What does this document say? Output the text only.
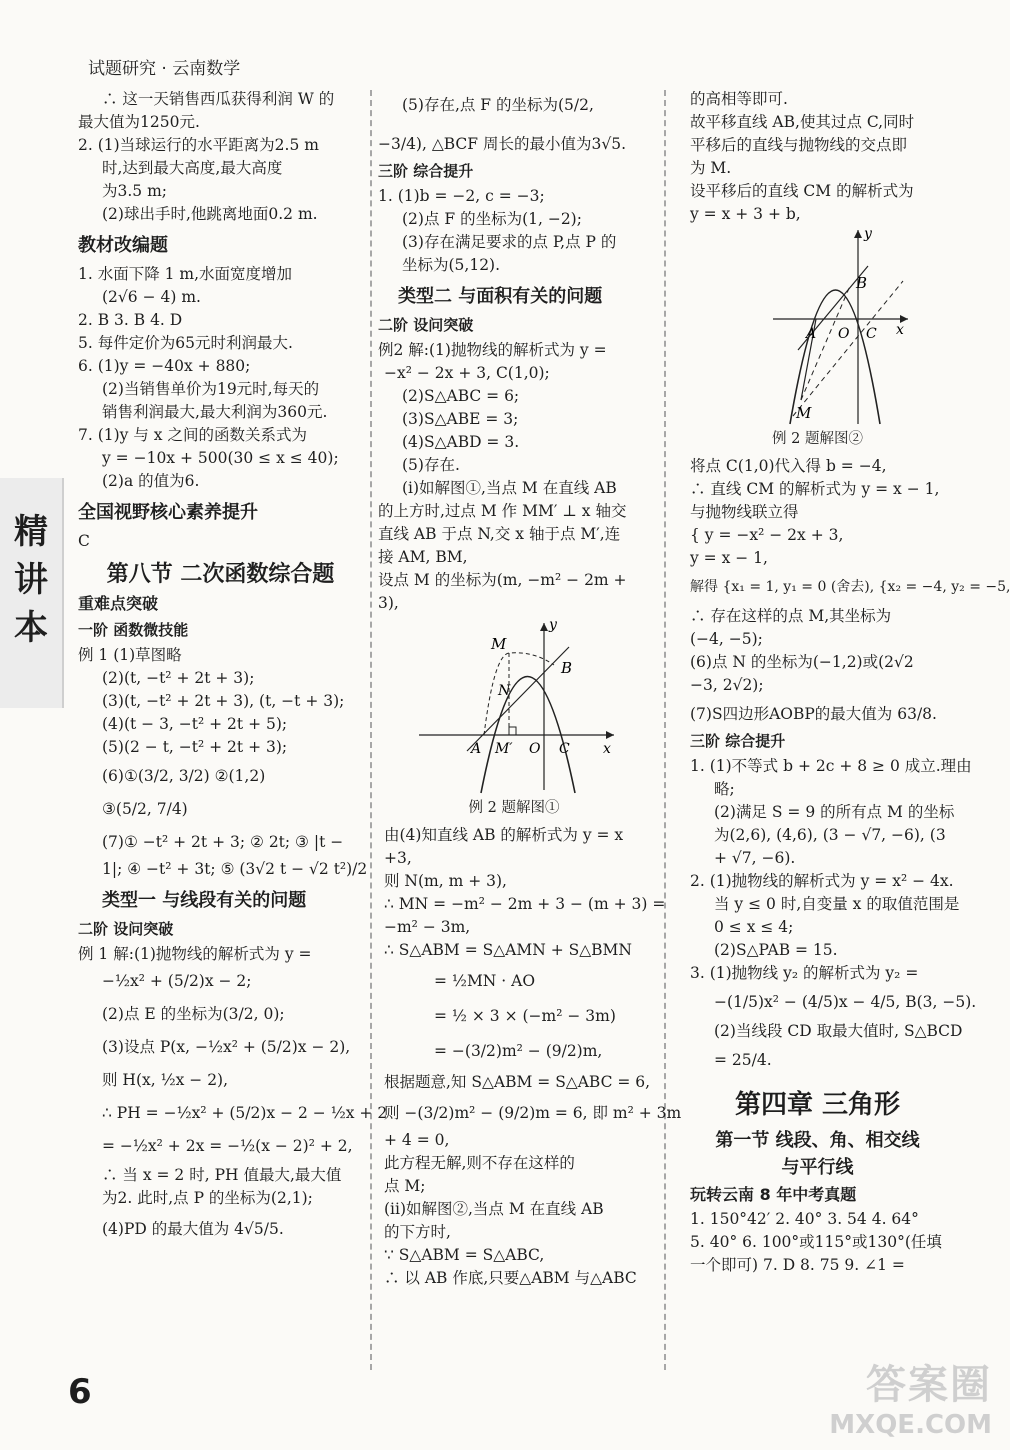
试题研究 · 云南数学
精
讲
本
∴ 这一天销售西瓜获得利润 W 的
最大值为1250元.
2. (1)当球运行的水平距离为2.5 m
时,达到最大高度,最大高度
为3.5 m;
(2)球出手时,他跳离地面0.2 m.
教材改编题
1. 水面下降 1 m,水面宽度增加
(2√6 − 4) m.
2. B 3. B 4. D
5. 每件定价为65元时利润最大.
6. (1)y = −40x + 880;
(2)当销售单价为19元时,每天的
销售利润最大,最大利润为360元.
7. (1)y 与 x 之间的函数关系式为
y = −10x + 500(30 ≤ x ≤ 40);
(2)a 的值为6.
全国视野核心素养提升
C
第八节 二次函数综合题
重难点突破
一阶 函数微技能
例 1 (1)草图略
(2)(t, −t² + 2t + 3);
(3)(t, −t² + 2t + 3), (t, −t + 3);
(4)(t − 3, −t² + 2t + 5);
(5)(2 − t, −t² + 2t + 3);
(6)①(3/2, 3/2) ②(1,2)
③(5/2, 7/4)
(7)① −t² + 2t + 3; ② 2t; ③ |t −
1|; ④ −t² + 3t; ⑤ (3√2 t − √2 t²)/2
类型一 与线段有关的问题
二阶 设问突破
例 1 解:(1)抛物线的解析式为 y =
−½x² + (5/2)x − 2;
(2)点 E 的坐标为(3/2, 0);
(3)设点 P(x, −½x² + (5/2)x − 2),
则 H(x, ½x − 2),
∴ PH = −½x² + (5/2)x − 2 − ½x + 2
= −½x² + 2x = −½(x − 2)² + 2,
∴ 当 x = 2 时, PH 值最大,最大值
为2. 此时,点 P 的坐标为(2,1);
(4)PD 的最大值为 4√5/5.
(5)存在,点 F 的坐标为(5/2,
−3/4), △BCF 周长的最小值为3√5.
三阶 综合提升
1. (1)b = −2, c = −3;
(2)点 F 的坐标为(1, −2);
(3)存在满足要求的点 P,点 P 的
坐标为(5,12).
类型二 与面积有关的问题
二阶 设问突破
例2 解:(1)抛物线的解析式为 y =
−x² − 2x + 3, C(1,0);
(2)S△ABC = 6;
(3)S△ABE = 3;
(4)S△ABD = 3.
(5)存在.
(i)如解图①,当点 M 在直线 AB
的上方时,过点 M 作 MM′ ⊥ x 轴交
直线 AB 于点 N,交 x 轴于点 M′,连
接 AM, BM,
设点 M 的坐标为(m, −m² − 2m +
3),
M
N
B
A M′ O C x
y
例 2 题解图①
由(4)知直线 AB 的解析式为 y = x
+3,
则 N(m, m + 3),
∴ MN = −m² − 2m + 3 − (m + 3) =
−m² − 3m,
∴ S△ABM = S△AMN + S△BMN
= ½MN · AO
= ½ × 3 × (−m² − 3m)
= −(3/2)m² − (9/2)m,
根据题意,知 S△ABM = S△ABC = 6,
则 −(3/2)m² − (9/2)m = 6, 即 m² + 3m
+ 4 = 0,
此方程无解,则不存在这样的
点 M;
(ii)如解图②,当点 M 在直线 AB
的下方时,
∵ S△ABM = S△ABC,
∴ 以 AB 作底,只要△ABM 与△ABC
的高相等即可.
故平移直线 AB,使其过点 C,同时
平移后的直线与抛物线的交点即
为 M.
设平移后的直线 CM 的解析式为
y = x + 3 + b,
B
A O C
M
x
y
例 2 题解图②
将点 C(1,0)代入得 b = −4,
∴ 直线 CM 的解析式为 y = x − 1,
与抛物线联立得
{ y = −x² − 2x + 3,
y = x − 1,
解得 {x₁ = 1, y₁ = 0 (舍去), {x₂ = −4, y₂ = −5,
∴ 存在这样的点 M,其坐标为
(−4, −5);
(6)点 N 的坐标为(−1,2)或(2√2
−3, 2√2);
(7)S四边形AOBP的最大值为 63/8.
三阶 综合提升
1. (1)不等式 b + 2c + 8 ≥ 0 成立.理由
略;
(2)满足 S = 9 的所有点 M 的坐标
为(2,6), (4,6), (3 − √7, −6), (3
+ √7, −6).
2. (1)抛物线的解析式为 y = x² − 4x.
当 y ≤ 0 时,自变量 x 的取值范围是
0 ≤ x ≤ 4;
(2)S△PAB = 15.
3. (1)抛物线 y₂ 的解析式为 y₂ =
−(1/5)x² − (4/5)x − 4/5, B(3, −5).
(2)当线段 CD 取最大值时, S△BCD
= 25/4.
第四章 三角形
第一节 线段、角、相交线
与平行线
玩转云南 8 年中考真题
1. 150°42′ 2. 40° 3. 54 4. 64°
5. 40° 6. 100°或115°或130°(任填
一个即可) 7. D 8. 75 9. ∠1 =
6	答案圈
MXQE.COM
